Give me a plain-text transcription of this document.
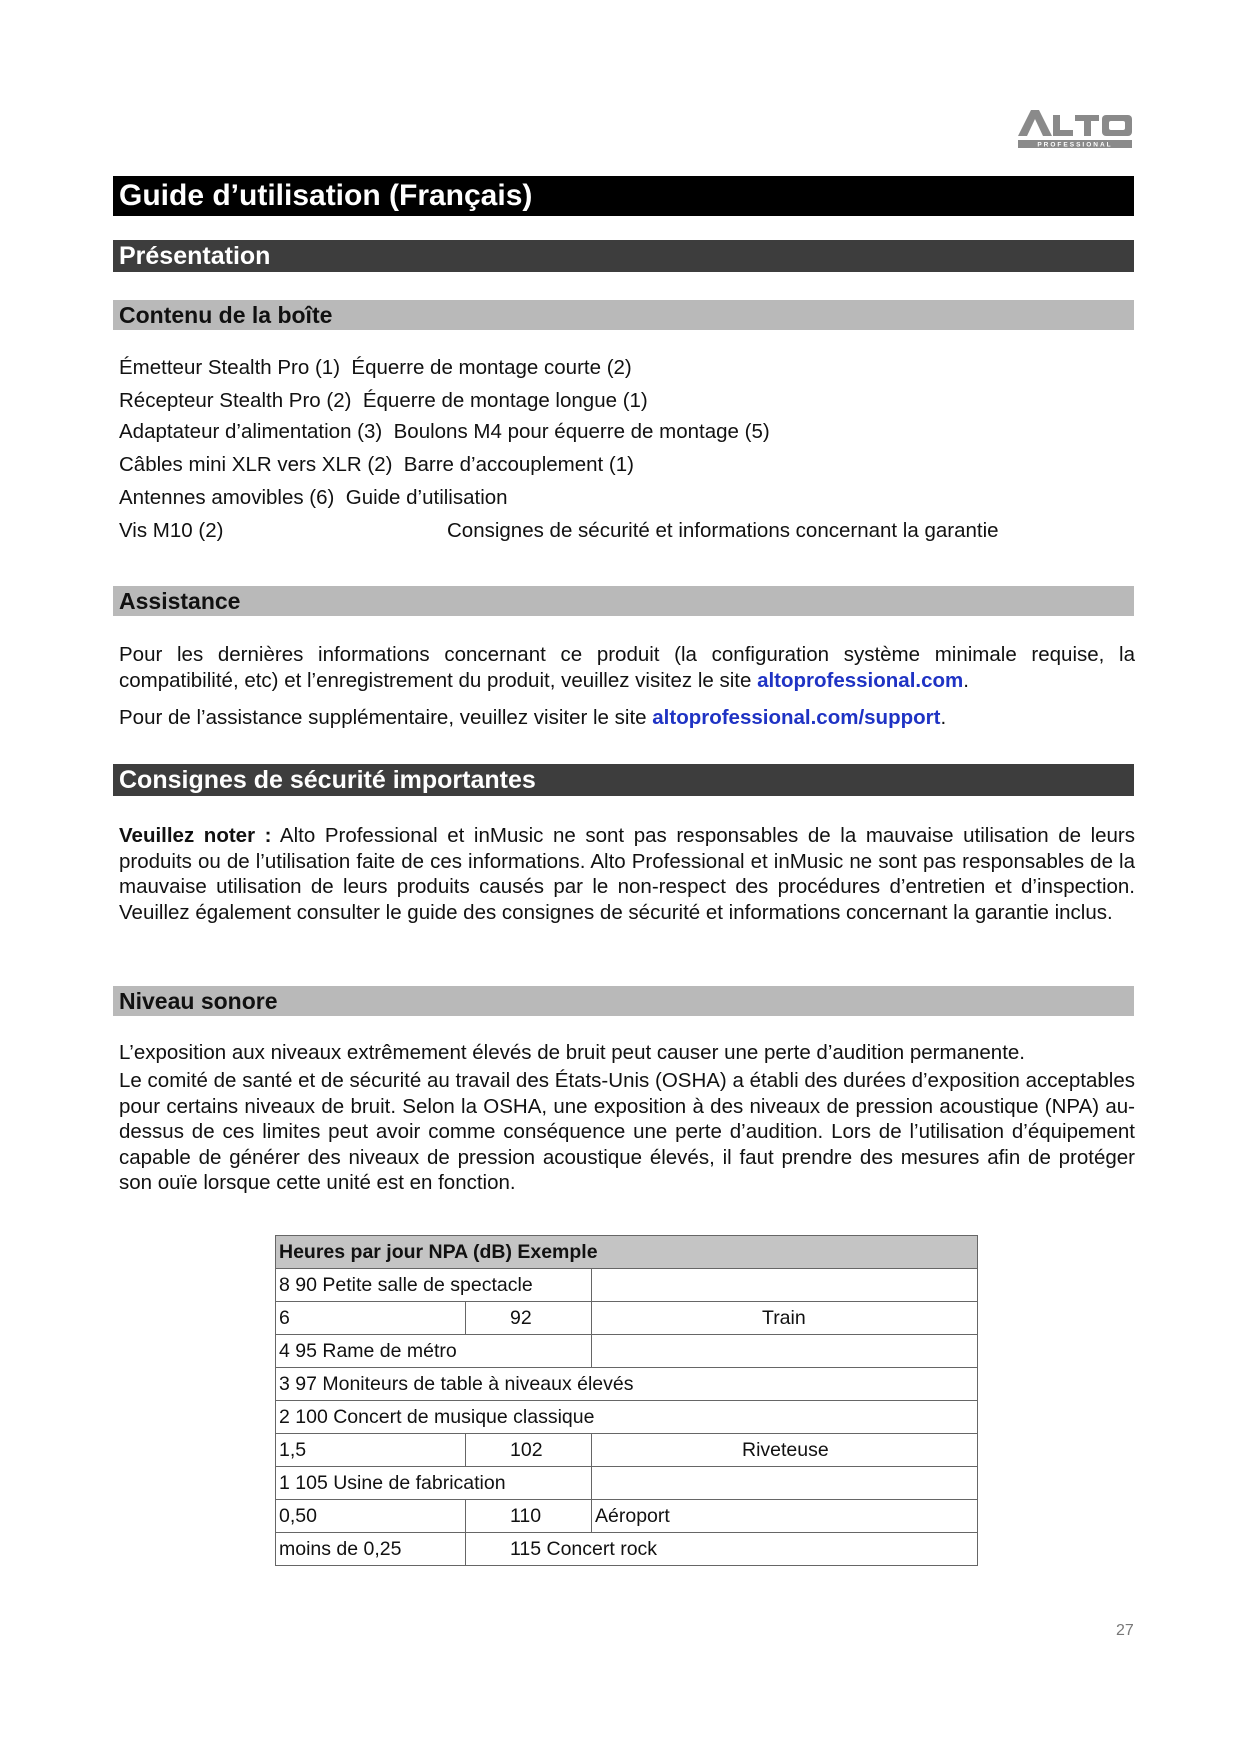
PROFESSIONAL
Guide d’utilisation (Français)
Présentation
Contenu de la boîte
Émetteur Stealth Pro (1)  Équerre de montage courte (2)
Récepteur Stealth Pro (2)  Équerre de montage longue (1)
Adaptateur d’alimentation (3)  Boulons M4 pour équerre de montage (5)
Câbles mini XLR vers XLR (2)  Barre d’accouplement (1)
Antennes amovibles (6)  Guide d’utilisation
Vis M10 (2)	Consignes de sécurité et informations concernant la garantie
Assistance
Pour les dernières informations concernant ce produit (la configuration système minimale requise, la compatibilité, etc) et l’enregistrement du produit, veuillez visitez le site altoprofessional.com.
Pour de l’assistance supplémentaire, veuillez visiter le site altoprofessional.com/support.
Consignes de sécurité importantes
Veuillez noter : Alto Professional et inMusic ne sont pas responsables de la mauvaise utilisation de leurs produits ou de l’utilisation faite de ces informations. Alto Professional et inMusic ne sont pas responsables de la mauvaise utilisation de leurs produits causés par le non-respect des procédures d’entretien et d’inspection. Veuillez également consulter le guide des consignes de sécurité et informations concernant la garantie inclus.
Niveau sonore
L’exposition aux niveaux extrêmement élevés de bruit peut causer une perte d’audition permanente.
Le comité de santé et de sécurité au travail des États-Unis (OSHA) a établi des durées d’exposition acceptables pour certains niveaux de bruit. Selon la OSHA, une exposition à des niveaux de pression acoustique (NPA) au-dessus de ces limites peut avoir comme conséquence une perte d’audition. Lors de l’utilisation d’équipement capable de générer des niveaux de pression acoustique élevés, il faut prendre des mesures afin de protéger son ouïe lorsque cette unité est en fonction.
Heures par jour NPA (dB) Exemple		
8 90 Petite salle de spectacle		
6	92	Train
4 95 Rame de métro		
3 97 Moniteurs de table à niveaux élevés		
2 100 Concert de musique classique		
1,5	102	Riveteuse
1 105 Usine de fabrication		
0,50	110	Aéroport
moins de 0,25	115 Concert rock	
27
